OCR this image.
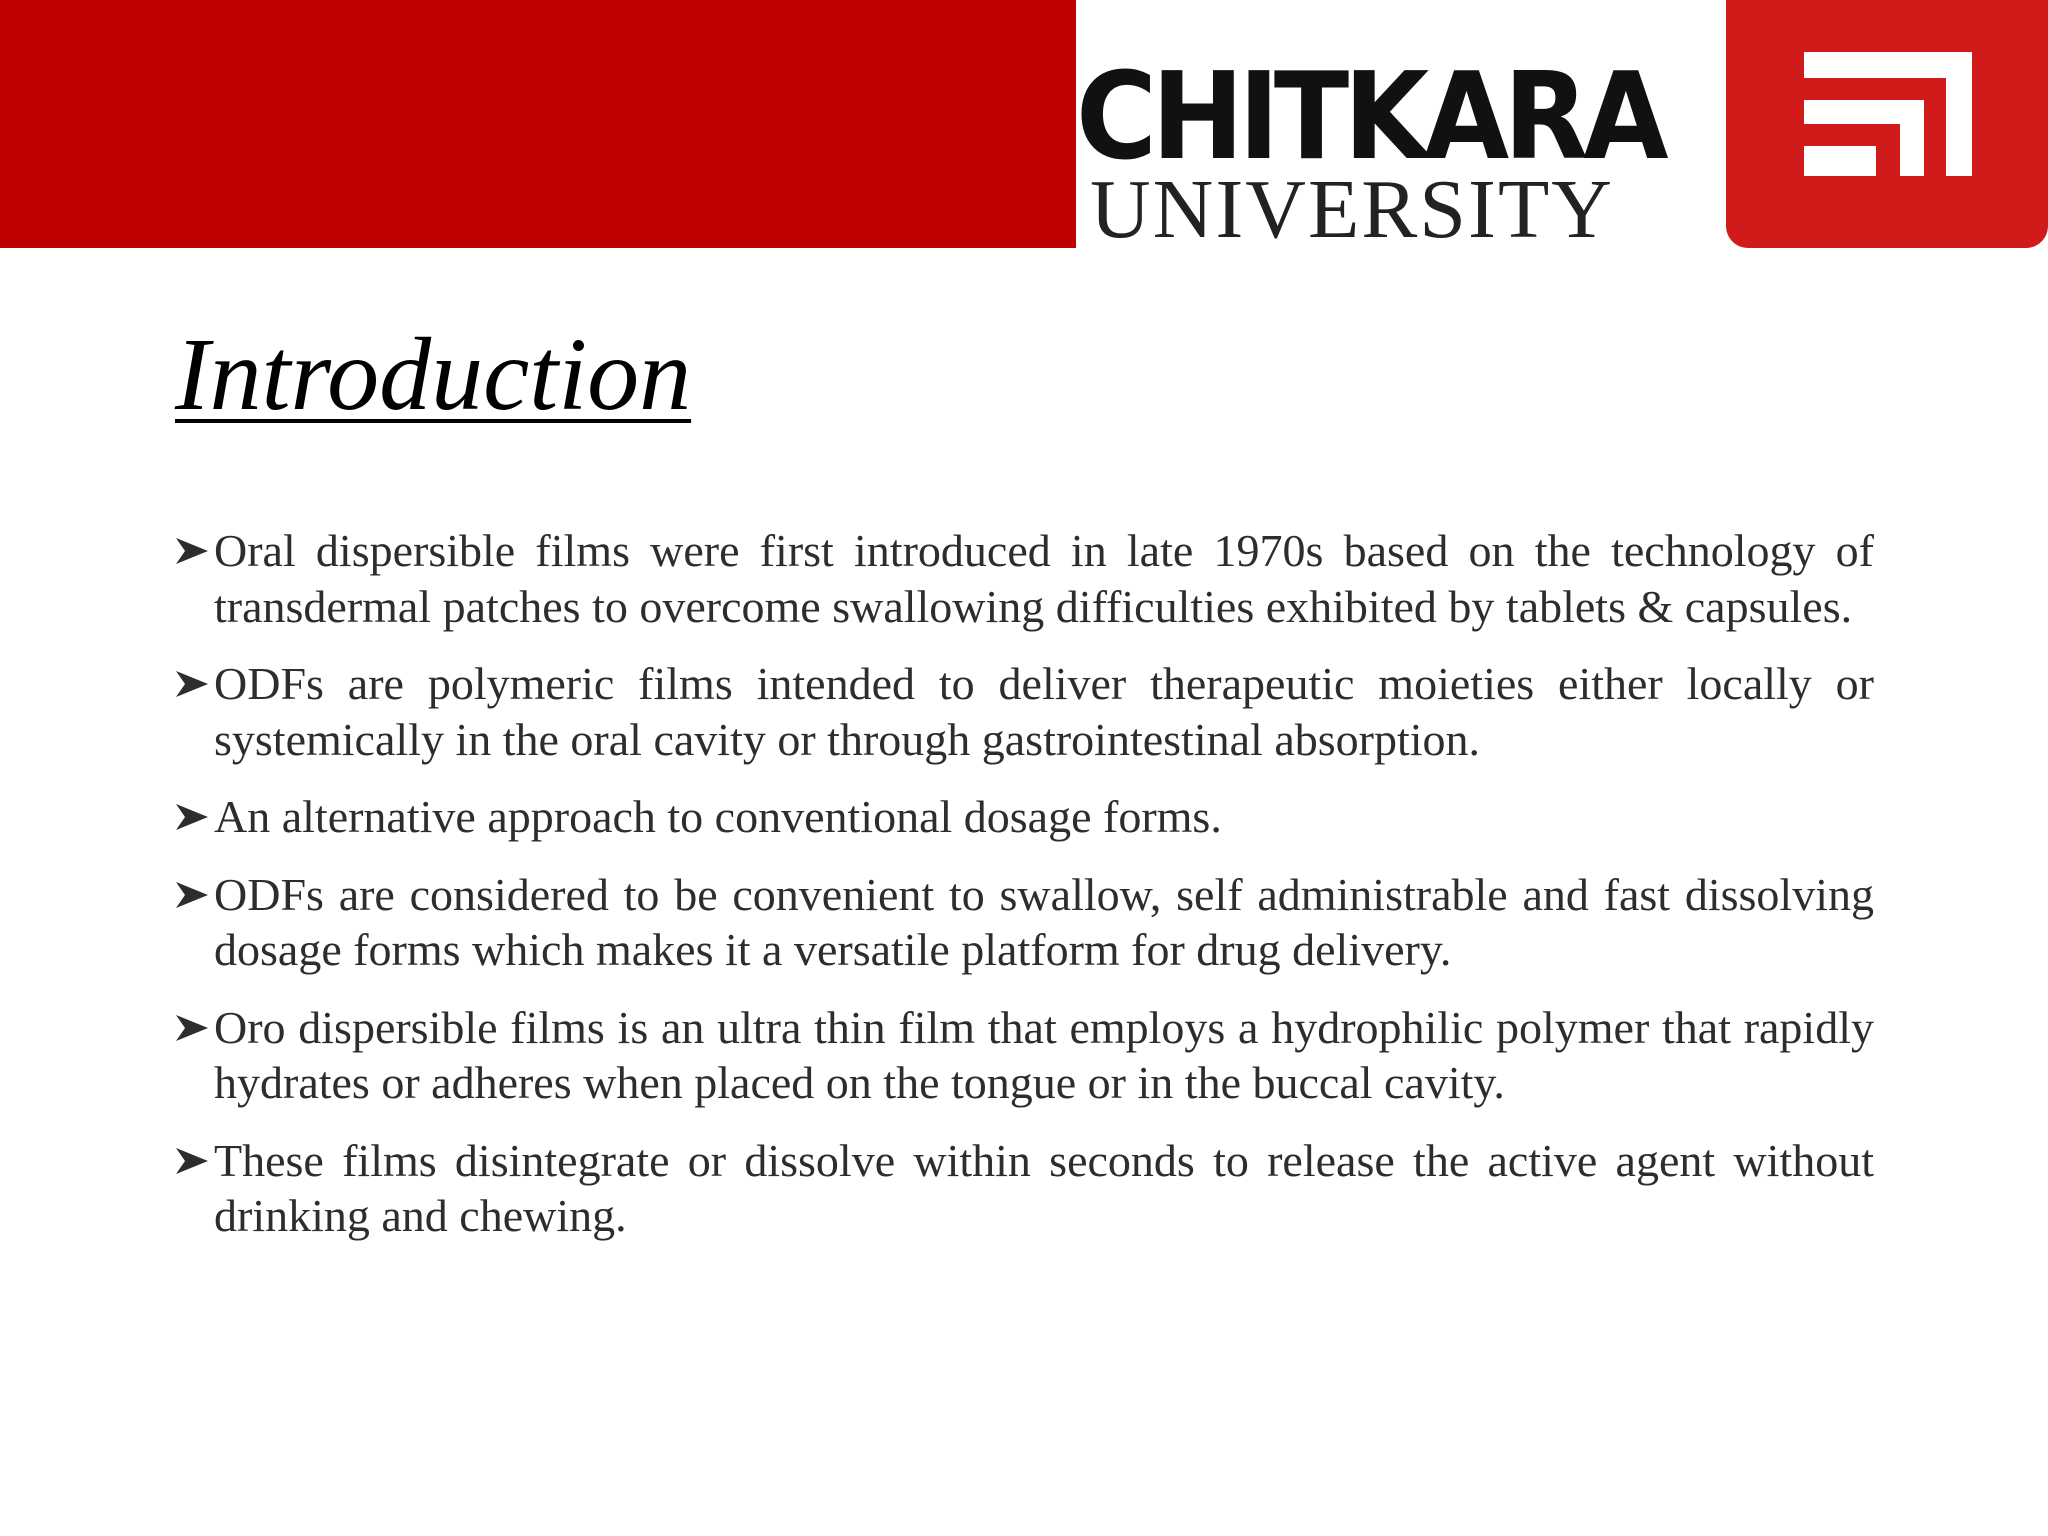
CHITKARA
UNIVERSITY
Introduction
Oral dispersible films were first introduced in late 1970s based on the technology of transdermal patches to overcome swallowing difficulties exhibited by tablets & capsules.
ODFs are polymeric films intended to deliver therapeutic moieties either locally or systemically in the oral cavity or through gastrointestinal absorption.
An alternative approach to conventional dosage forms.
ODFs are considered to be convenient to swallow, self administrable and fast dissolving dosage forms which makes it a versatile platform for drug delivery.
Oro dispersible films is an ultra thin film that employs a hydrophilic polymer that rapidly hydrates or adheres when placed on the tongue or in the buccal cavity.
These films disintegrate or dissolve within seconds to release the active agent without drinking and chewing.
